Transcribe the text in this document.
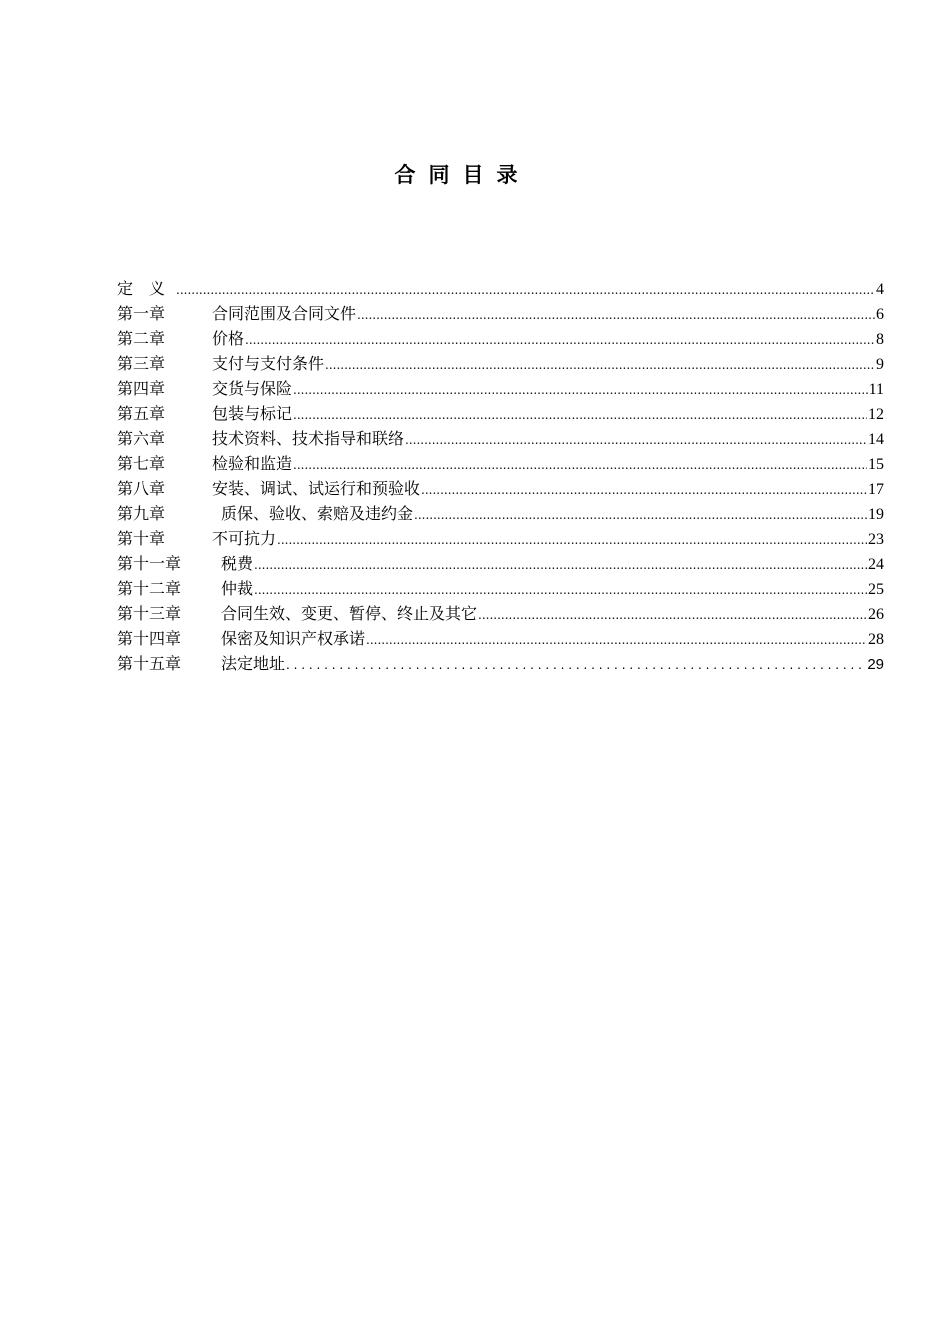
合同目录
定　义 .....	4
第一章	合同范围及合同文件 .....	6
第二章	价格 .....	8
第三章	支付与支付条件 .....	9
第四章	交货与保险 .....	11
第五章	包装与标记 .....	12
第六章	技术资料、技术指导和联络 .....	14
第七章	检验和监造 .....	15
第八章	安装、调试、试运行和预验收 .....	17
第九章	质保、验收、索赔及违约金 .....	19
第十章	不可抗力 .....	23
第十一章	税费 .....	24
第十二章	仲裁 .....	25
第十三章	合同生效、变更、暂停、终止及其它 .....	26
第十四章	保密及知识产权承诺 .....	28
第十五章	法定地址 . . .	29
